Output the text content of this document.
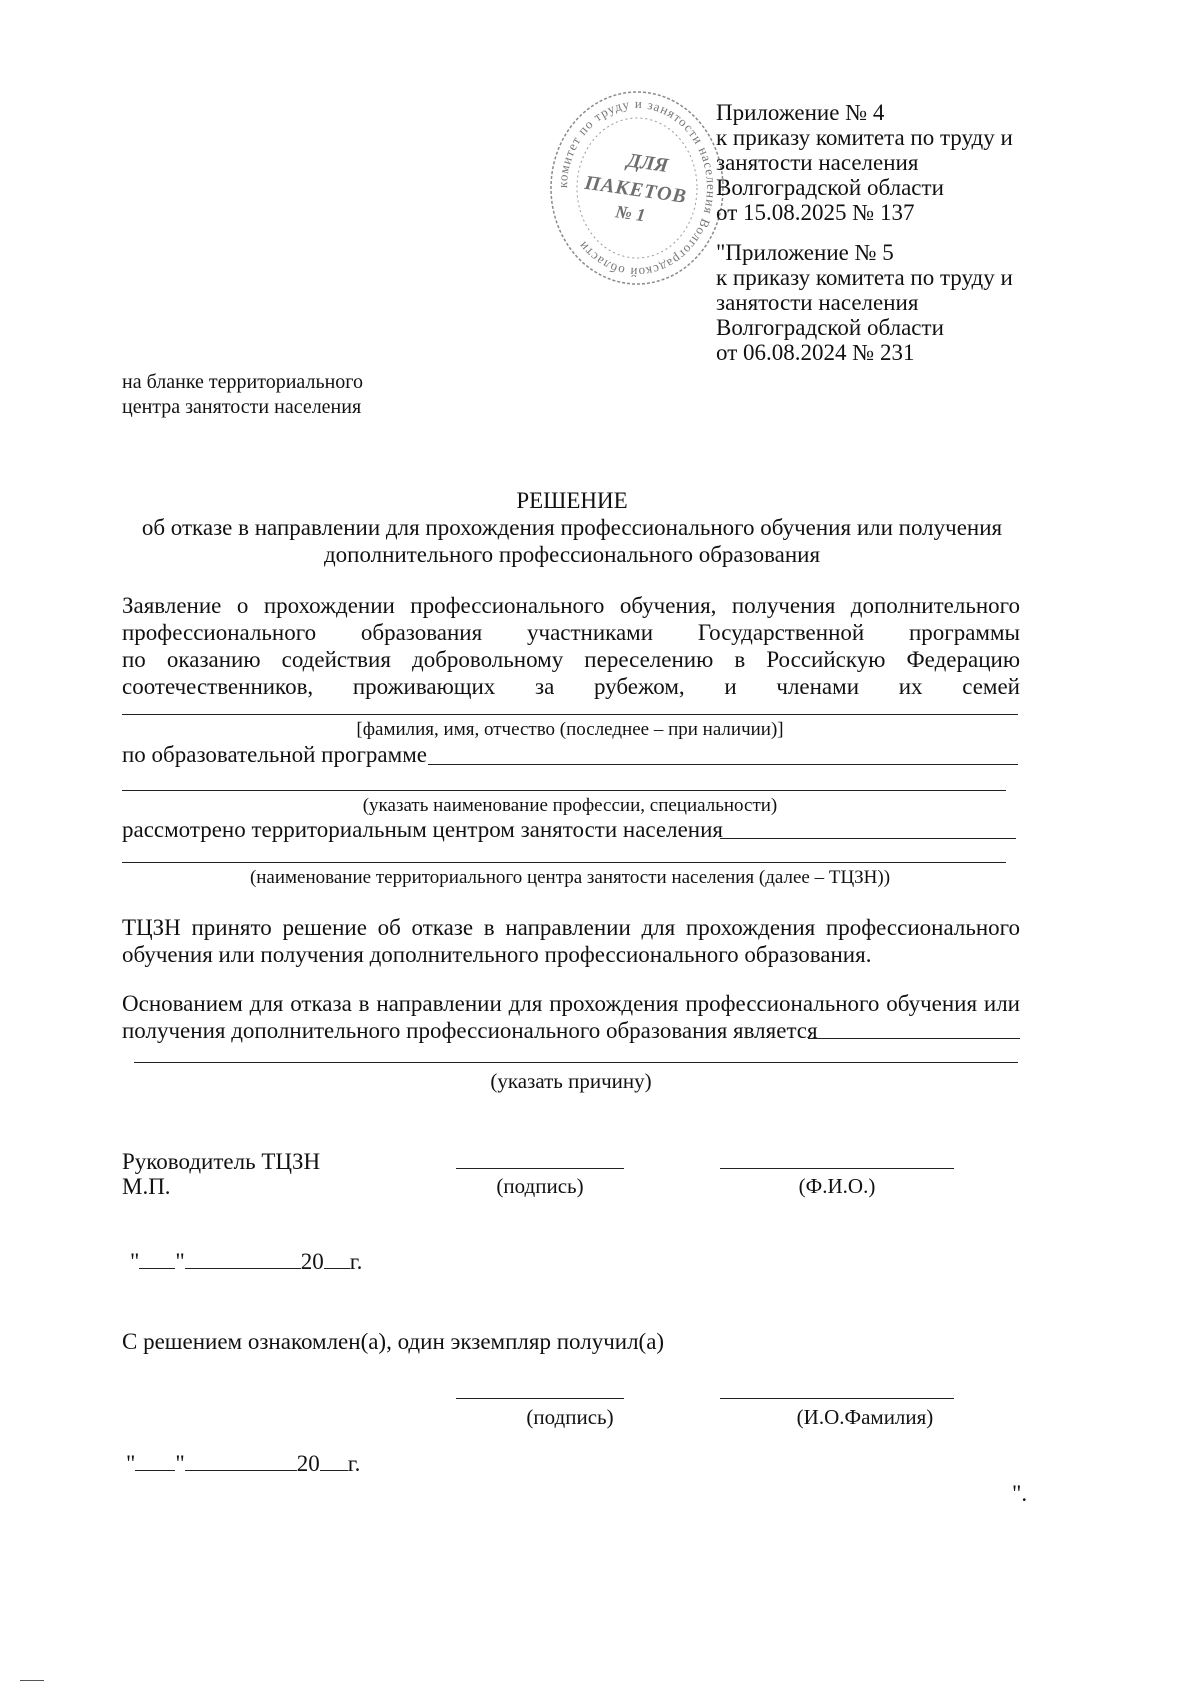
комитет по труду и занятости населения Волгоградской области
ДЛЯ
ПАКЕТОВ
№ 1
Приложение № 4
к приказу комитета по труду и
занятости населения
Волгоградской области
от 15.08.2025 № 137
"Приложение № 5
к приказу комитета по труду и
занятости населения
Волгоградской области
от 06.08.2024 № 231
на бланке территориального
центра занятости населения
РЕШЕНИЕ
об отказе в направлении для прохождения профессионального обучения или получения
дополнительного профессионального образования
Заявление о прохождении профессионального обучения, получения дополнительного
профессионального образования участниками Государственной программы
по оказанию содействия добровольному переселению в Российскую Федерацию
соотечественников, проживающих за рубежом, и членами их семей
[фамилия, имя, отчество (последнее – при наличии)]
по образовательной программе
(указать наименование профессии, специальности)
рассмотрено территориальным центром занятости населения
(наименование территориального центра занятости населения (далее – ТЦЗН))
ТЦЗН принято решение об отказе в направлении для прохождения профессионального
обучения или получения дополнительного профессионального образования.
Основанием для отказа в направлении для прохождения профессионального обучения или
получения дополнительного профессионального образования является
(указать причину)
Руководитель ТЦЗН
М.П.	(подпись)	(Ф.И.О.)
" "	20 г.
С решением ознакомлен(а), один экземпляр получил(а)
(подпись)	(И.О.Фамилия)
" "	20 г.
".
